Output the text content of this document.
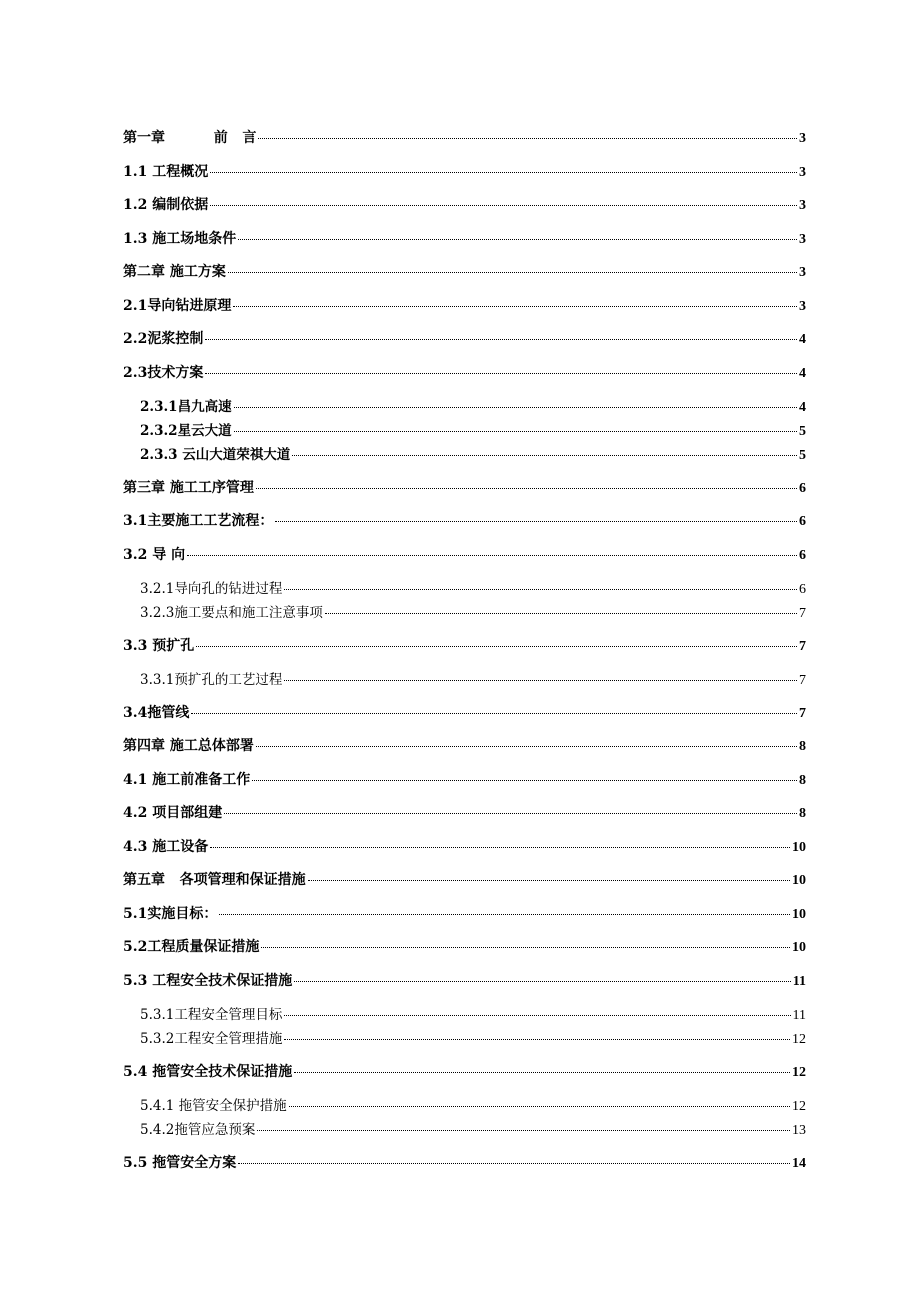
第一章          前   言	3
1.1 工程概况	3
1.2 编制依据	3
1.3 施工场地条件	3
第二章 施工方案	3
2.1导向钻进原理	3
2.2泥浆控制	4
2.3技术方案	4
2.3.1昌九高速	4
2.3.2星云大道	5
2.3.3 云山大道荣祺大道	5
第三章 施工工序管理	6
3.1主要施工工艺流程：	6
3.2 导 向	6
3.2.1导向孔的钻进过程	6
3.2.3施工要点和施工注意事项	7
3.3 预扩孔	7
3.3.1预扩孔的工艺过程	7
3.4拖管线	7
第四章 施工总体部署	8
4.1 施工前准备工作	8
4.2 项目部组建	8
4.3 施工设备	10
第五章   各项管理和保证措施	10
5.1实施目标：	10
5.2工程质量保证措施	10
5.3 工程安全技术保证措施	11
5.3.1工程安全管理目标	11
5.3.2工程安全管理措施	12
5.4 拖管安全技术保证措施	12
5.4.1 拖管安全保护措施	12
5.4.2拖管应急预案	13
5.5 拖管安全方案	14
